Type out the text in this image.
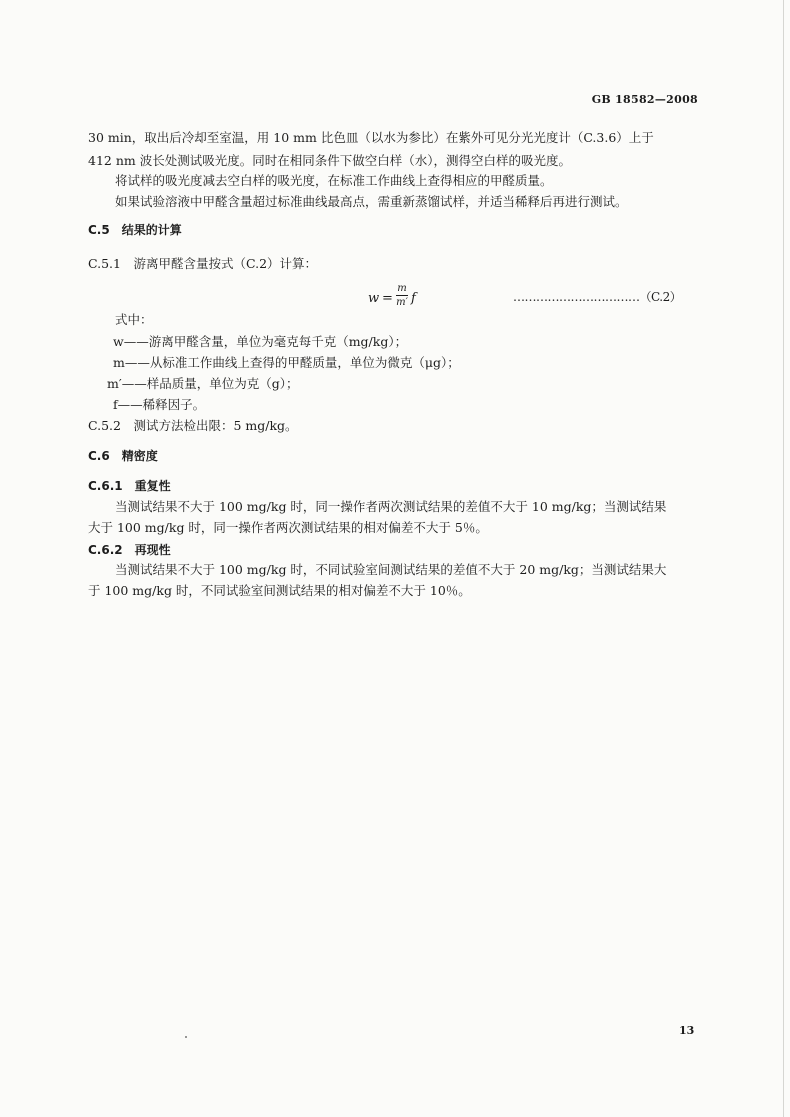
GB 18582—2008
30 min，取出后冷却至室温，用 10 mm 比色皿（以水为参比）在紫外可见分光光度计（C.3.6）上于
412 nm 波长处测试吸光度。同时在相同条件下做空白样（水），测得空白样的吸光度。
将试样的吸光度减去空白样的吸光度，在标准工作曲线上查得相应的甲醛质量。
如果试验溶液中甲醛含量超过标准曲线最高点，需重新蒸馏试样，并适当稀释后再进行测试。
C.5　结果的计算
C.5.1　游离甲醛含量按式（C.2）计算：
w =
m
m′ f	……………………………（C.2）
式中：
w——游离甲醛含量，单位为毫克每千克（mg/kg）；
m——从标准工作曲线上查得的甲醛质量，单位为微克（μg）；
m′——样品质量，单位为克（g）；
f——稀释因子。
C.5.2　测试方法检出限：5 mg/kg。
C.6　精密度
C.6.1　重复性
当测试结果不大于 100 mg/kg 时，同一操作者两次测试结果的差值不大于 10 mg/kg；当测试结果
大于 100 mg/kg 时，同一操作者两次测试结果的相对偏差不大于 5％。
C.6.2　再现性
当测试结果不大于 100 mg/kg 时，不同试验室间测试结果的差值不大于 20 mg/kg；当测试结果大
于 100 mg/kg 时，不同试验室间测试结果的相对偏差不大于 10％。
13
